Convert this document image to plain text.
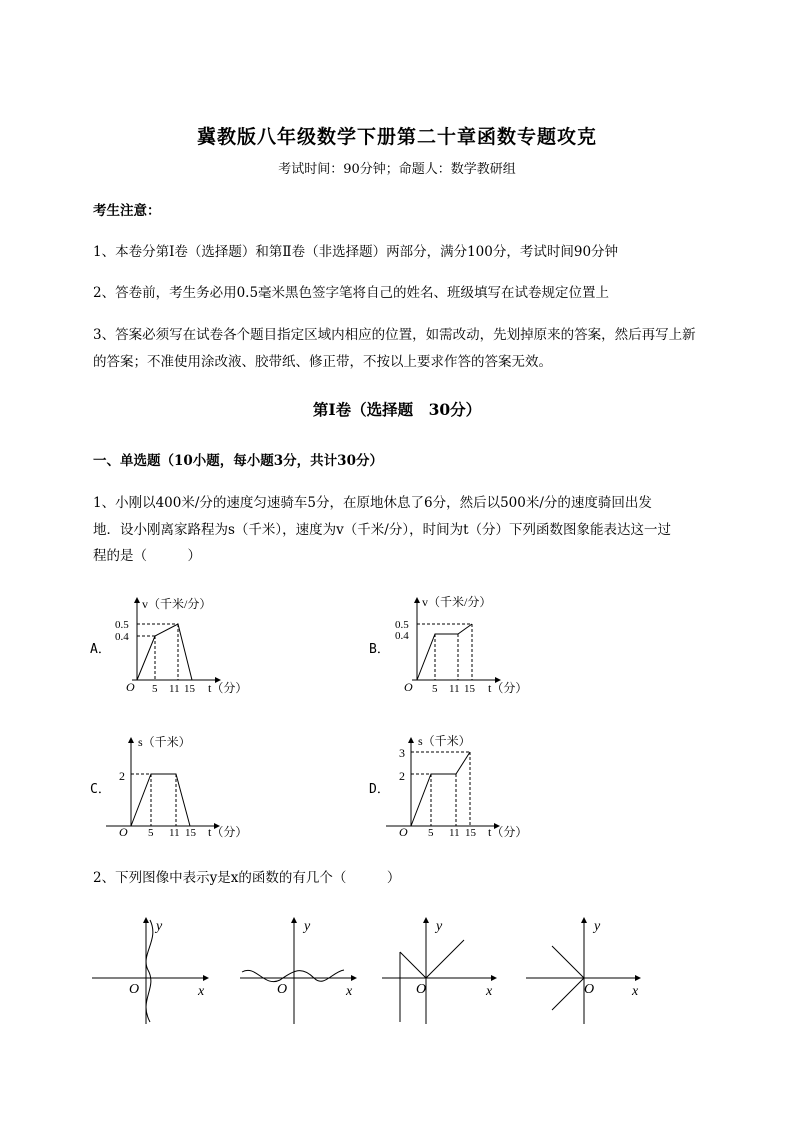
冀教版八年级数学下册第二十章函数专题攻克
考试时间：90分钟；命题人：数学教研组
考生注意：
1、本卷分第I卷（选择题）和第Ⅱ卷（非选择题）两部分，满分100分，考试时间90分钟
2、答卷前，考生务必用0.5毫米黑色签字笔将自己的姓名、班级填写在试卷规定位置上
3、答案必须写在试卷各个题目指定区域内相应的位置，如需改动，先划掉原来的答案，然后再写上新
的答案；不准使用涂改液、胶带纸、修正带，不按以上要求作答的答案无效。
第I卷（选择题　30分）
一、单选题（10小题，每小题3分，共计30分）
1、小刚以400米/分的速度匀速骑车5分，在原地休息了6分，然后以500米/分的速度骑回出发
地．设小刚离家路程为s（千米），速度为v（千米/分），时间为t（分）下列函数图象能表达这一过
程的是（　　　）
A．	B．
C．	D．
v（千米/分）
0.5
0.4
O 5 11 15 t（分）
v（千米/分）
0.5
0.4
O 5 11 15 t（分）
s（千米）
2
O 5 11 15 t（分）
s（千米）
3
2
O 5 11 15 t（分）
2、下列图像中表示y是x的函数的有几个（　　　）
y
O	x
y
O	x
y
O	x
y
O	x
